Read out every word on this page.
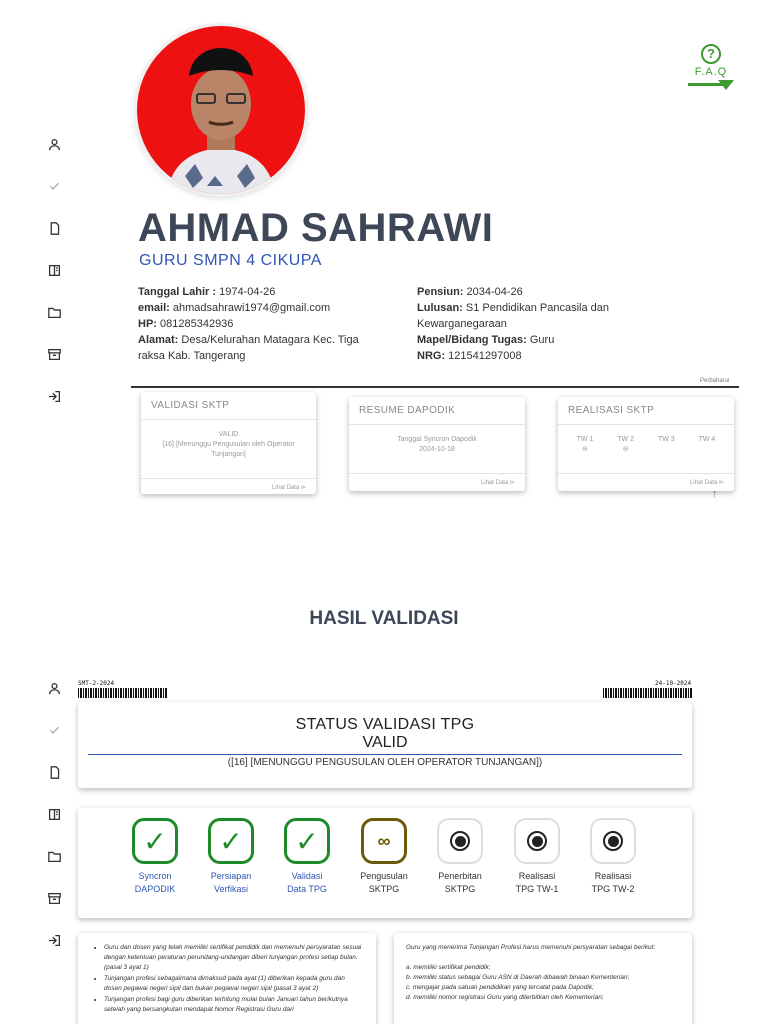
?
F.A.Q
AHMAD SAHRAWI
GURU SMPN 4 CIKUPA
Tanggal Lahir : 1974-04-26
email: ahmadsahrawi1974@gmail.com
HP: 081285342936
Alamat: Desa/Kelurahan Matagara Kec. Tiga raksa Kab. Tangerang
Pensiun: 2034-04-26
Lulusan: S1 Pendidikan Pancasila dan Kewarganegaraan
Mapel/Bidang Tugas: Guru
NRG: 121541297008
Perbaharui
VALIDASI SKTP
VALID
[16] [Menunggu Pengusulan oleh Operator Tunjangan]
Lihat Data ⊳
RESUME DAPODIK
Tanggal Syncron Dapodik
2024-10-18
Lihat Data ⊳
REALISASI SKTP
TW 1
⊖
TW 2
⊖
TW 3	TW 4
Lihat Data ⊳
↑
HASIL VALIDASI
SMT-2-2024	24-10-2024
STATUS VALIDASI TPG
VALID
([16] [MENUNGGU PENGUSULAN OLEH OPERATOR TUNJANGAN])
✓
Syncron
DAPODIK
✓
Persiapan
Verfikasi
✓
Validasi
Data TPG
∞
Pengusulan
SKTPG
Penerbitan
SKTPG
Realisasi
TPG TW-1
Realisasi
TPG TW-2
• Guru dan dosen yang telah memiliki sertifikat pendidik dan memenuhi persyaratan sesuai dengan ketentuan peraturan perundang-undangan diberi tunjangan profesi setiap bulan.(pasal 3 ayat 1)
• Tunjangan profesi sebagaimana dimaksud pada ayat (1) diberikan kepada guru dan dosen pegawai negeri sipil dan bukan pegawai negeri sipil (pasal 3 ayat 2)
• Tunjangan profesi bagi guru diberikan terhitung mulai bulan Januari tahun berikutnya setelah yang bersangkutan mendapat Nomor Registrasi Guru dari
Guru yang menerima Tunjangan Profesi harus memenuhi persyaratan sebagai berikut:
a. memiliki sertifikat pendidik;
b. memiliki status sebagai Guru ASN di Daerah dibawah binaan Kementerian;
c. mengajar pada satuan pendidikan yang tercatat pada Dapodik;
d. memiliki nomor registrasi Guru yang diterbitkan oleh Kementerian;
